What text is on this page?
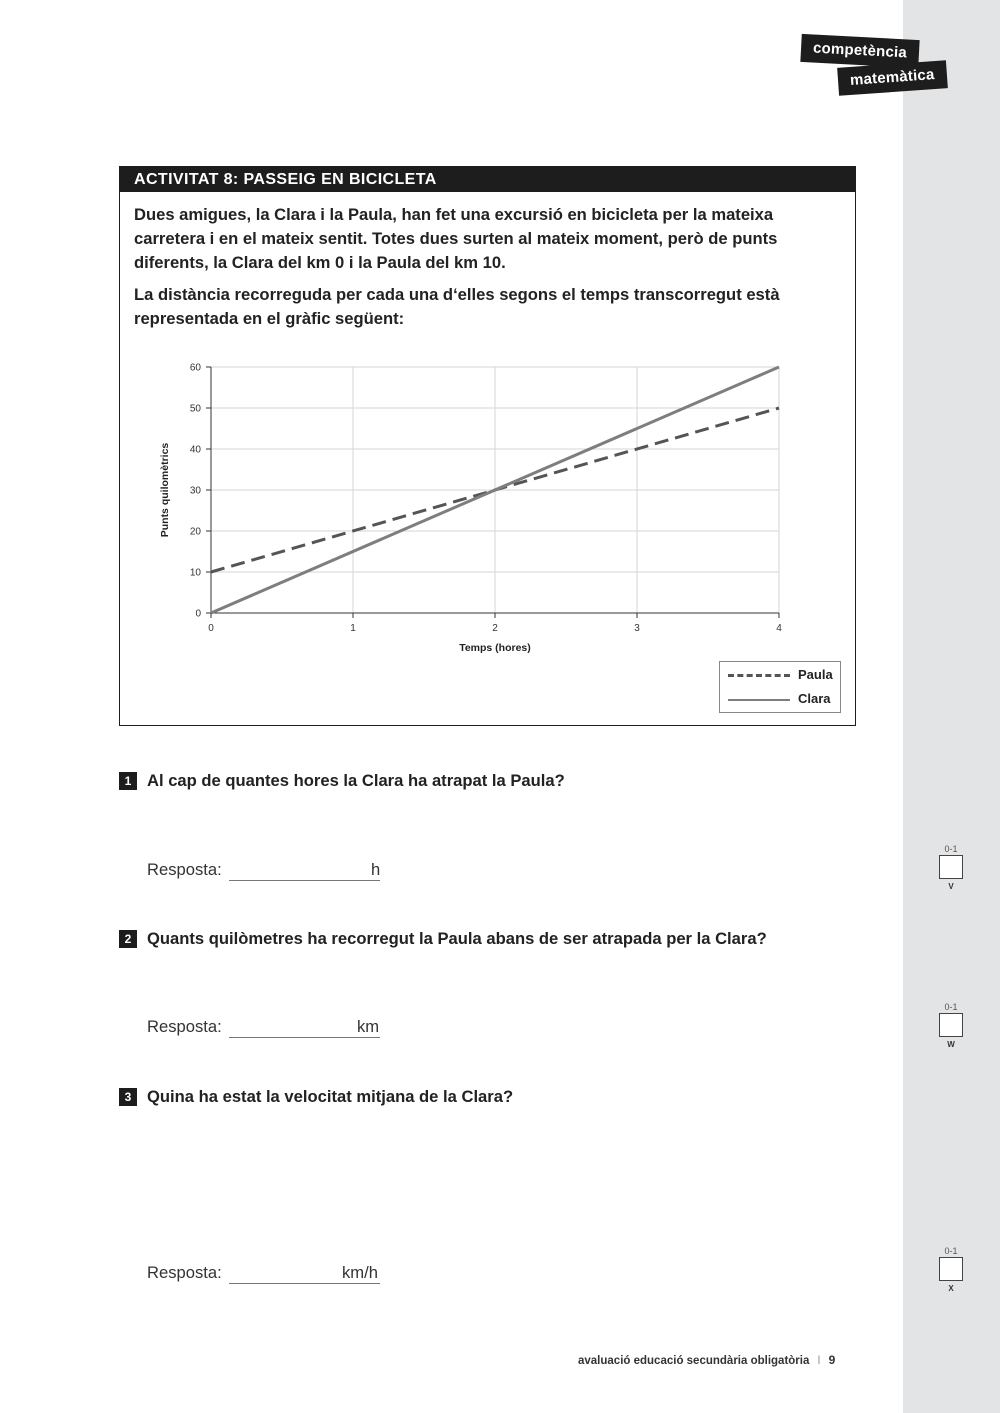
competència
matemàtica
ACTIVITAT 8: PASSEIG EN BICICLETA
Dues amigues, la Clara i la Paula, han fet una excursió en bicicleta per la mateixa carretera i en el mateix sentit. Totes dues surten al mateix moment, però de punts diferents, la Clara del km 0 i la Paula del km 10.
La distància recorreguda per cada una d‘elles segons el temps transcorregut està representada en el gràfic següent:
0
10
20
30
40
50
60
0	1	2	3	4
Temps (hores)
Punts quilomètrics
Paula
Clara
1 Al cap de quantes hores la Clara ha atrapat la Paula?
Resposta:	h
0-1
V
2 Quants quilòmetres ha recorregut la Paula abans de ser atrapada per la Clara?
Resposta:	km
0-1
W
3 Quina ha estat la velocitat mitjana de la Clara?
Resposta:	km/h
0-1
X
avaluació educació secundària obligatòria I 9
